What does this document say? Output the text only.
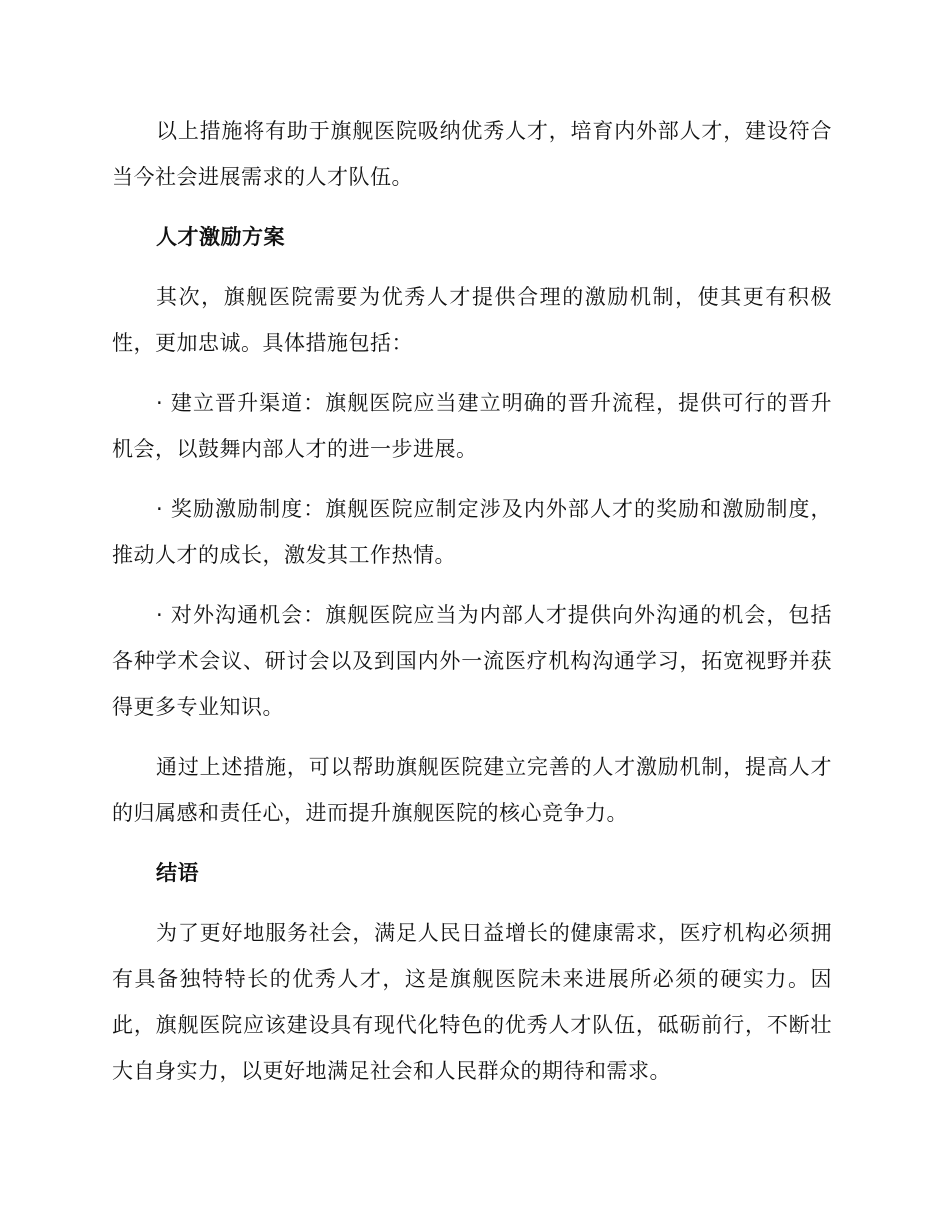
以上措施将有助于旗舰医院吸纳优秀人才，培育内外部人才，建设符合当今社会进展需求的人才队伍。

人才激励方案

其次，旗舰医院需要为优秀人才提供合理的激励机制，使其更有积极性，更加忠诚。具体措施包括：

· 建立晋升渠道：旗舰医院应当建立明确的晋升流程，提供可行的晋升机会，以鼓舞内部人才的进一步进展。

· 奖励激励制度：旗舰医院应制定涉及内外部人才的奖励和激励制度，推动人才的成长，激发其工作热情。

· 对外沟通机会：旗舰医院应当为内部人才提供向外沟通的机会，包括各种学术会议、研讨会以及到国内外一流医疗机构沟通学习，拓宽视野并获得更多专业知识。

通过上述措施，可以帮助旗舰医院建立完善的人才激励机制，提高人才的归属感和责任心，进而提升旗舰医院的核心竞争力。

结语

为了更好地服务社会，满足人民日益增长的健康需求，医疗机构必须拥有具备独特特长的优秀人才，这是旗舰医院未来进展所必须的硬实力。因此，旗舰医院应该建设具有现代化特色的优秀人才队伍，砥砺前行，不断壮大自身实力，以更好地满足社会和人民群众的期待和需求。
